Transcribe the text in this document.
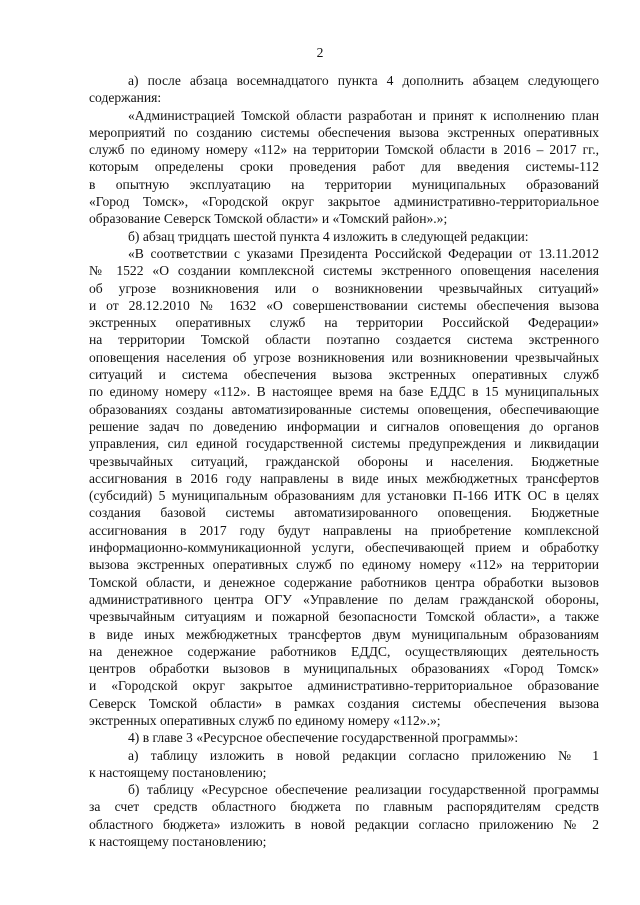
2
а) после абзаца восемнадцатого пункта 4 дополнить абзацем следующего
содержания:
«Администрацией Томской области разработан и принят к исполнению план
мероприятий по созданию системы обеспечения вызова экстренных оперативных
служб по единому номеру «112» на территории Томской области в 2016 – 2017 гг.,
которым определены сроки проведения работ для введения системы-112
в опытную эксплуатацию на территории муниципальных образований
«Город Томск», «Городской округ закрытое административно-территориальное
образование Северск Томской области» и «Томский район».»;
б) абзац тридцать шестой пункта 4 изложить в следующей редакции:
«В соответствии с указами Президента Российской Федерации от 13.11.2012
№ 1522 «О создании комплексной системы экстренного оповещения населения
об угрозе возникновения или о возникновении чрезвычайных ситуаций»
и от 28.12.2010 № 1632 «О совершенствовании системы обеспечения вызова
экстренных оперативных служб на территории Российской Федерации»
на территории Томской области поэтапно создается система экстренного
оповещения населения об угрозе возникновения или возникновении чрезвычайных
ситуаций и система обеспечения вызова экстренных оперативных служб
по единому номеру «112». В настоящее время на базе ЕДДС в 15 муниципальных
образованиях созданы автоматизированные системы оповещения, обеспечивающие
решение задач по доведению информации и сигналов оповещения до органов
управления, сил единой государственной системы предупреждения и ликвидации
чрезвычайных ситуаций, гражданской обороны и населения. Бюджетные
ассигнования в 2016 году направлены в виде иных межбюджетных трансфертов
(субсидий) 5 муниципальным образованиям для установки П-166 ИТК ОС в целях
создания базовой системы автоматизированного оповещения. Бюджетные
ассигнования в 2017 году будут направлены на приобретение комплексной
информационно-коммуникационной услуги, обеспечивающей прием и обработку
вызова экстренных оперативных служб по единому номеру «112» на территории
Томской области, и денежное содержание работников центра обработки вызовов
административного центра ОГУ «Управление по делам гражданской обороны,
чрезвычайным ситуациям и пожарной безопасности Томской области», а также
в виде иных межбюджетных трансфертов двум муниципальным образованиям
на денежное содержание работников ЕДДС, осуществляющих деятельность
центров обработки вызовов в муниципальных образованиях «Город Томск»
и «Городской округ закрытое административно-территориальное образование
Северск Томской области» в рамках создания системы обеспечения вызова
экстренных оперативных служб по единому номеру «112».»;
4) в главе 3 «Ресурсное обеспечение государственной программы»:
а) таблицу изложить в новой редакции согласно приложению № 1
к настоящему постановлению;
б) таблицу «Ресурсное обеспечение реализации государственной программы
за счет средств областного бюджета по главным распорядителям средств
областного бюджета» изложить в новой редакции согласно приложению № 2
к настоящему постановлению;
